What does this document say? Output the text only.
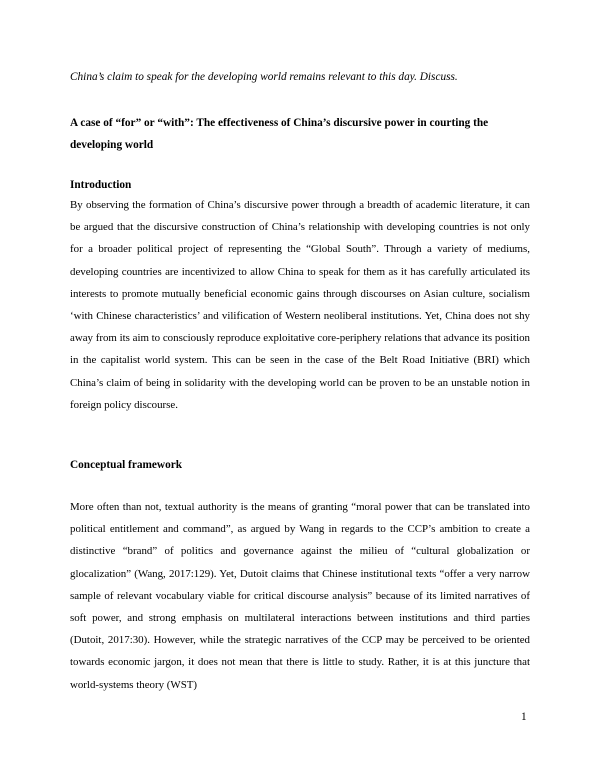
China’s claim to speak for the developing world remains relevant to this day. Discuss.
A case of “for” or “with”: The effectiveness of China’s discursive power in courting the developing world
Introduction

By observing the formation of China’s discursive power through a breadth of academic literature, it can be argued that the discursive construction of China’s relationship with developing countries is not only for a broader political project of representing the “Global South”. Through a variety of mediums, developing countries are incentivized to allow China to speak for them as it has carefully articulated its interests to promote mutually beneficial economic gains through discourses on Asian culture, socialism ‘with Chinese characteristics’ and vilification of Western neoliberal institutions. Yet, China does not shy away from its aim to consciously reproduce exploitative core-periphery relations that advance its position in the capitalist world system. This can be seen in the case of the Belt Road Initiative (BRI) which China’s claim of being in solidarity with the developing world can be proven to be an unstable notion in foreign policy discourse.

Conceptual framework

More often than not, textual authority is the means of granting “moral power that can be translated into political entitlement and command”, as argued by Wang in regards to the CCP’s ambition to create a distinctive “brand” of politics and governance against the milieu of “cultural globalization or glocalization” (Wang, 2017:129). Yet, Dutoit claims that Chinese institutional texts “offer a very narrow sample of relevant vocabulary viable for critical discourse analysis” because of its limited narratives of soft power, and strong emphasis on multilateral interactions between institutions and third parties (Dutoit, 2017:30). However, while the strategic narratives of the CCP may be perceived to be oriented towards economic jargon, it does not mean that there is little to study. Rather, it is at this juncture that world-systems theory (WST)

1
